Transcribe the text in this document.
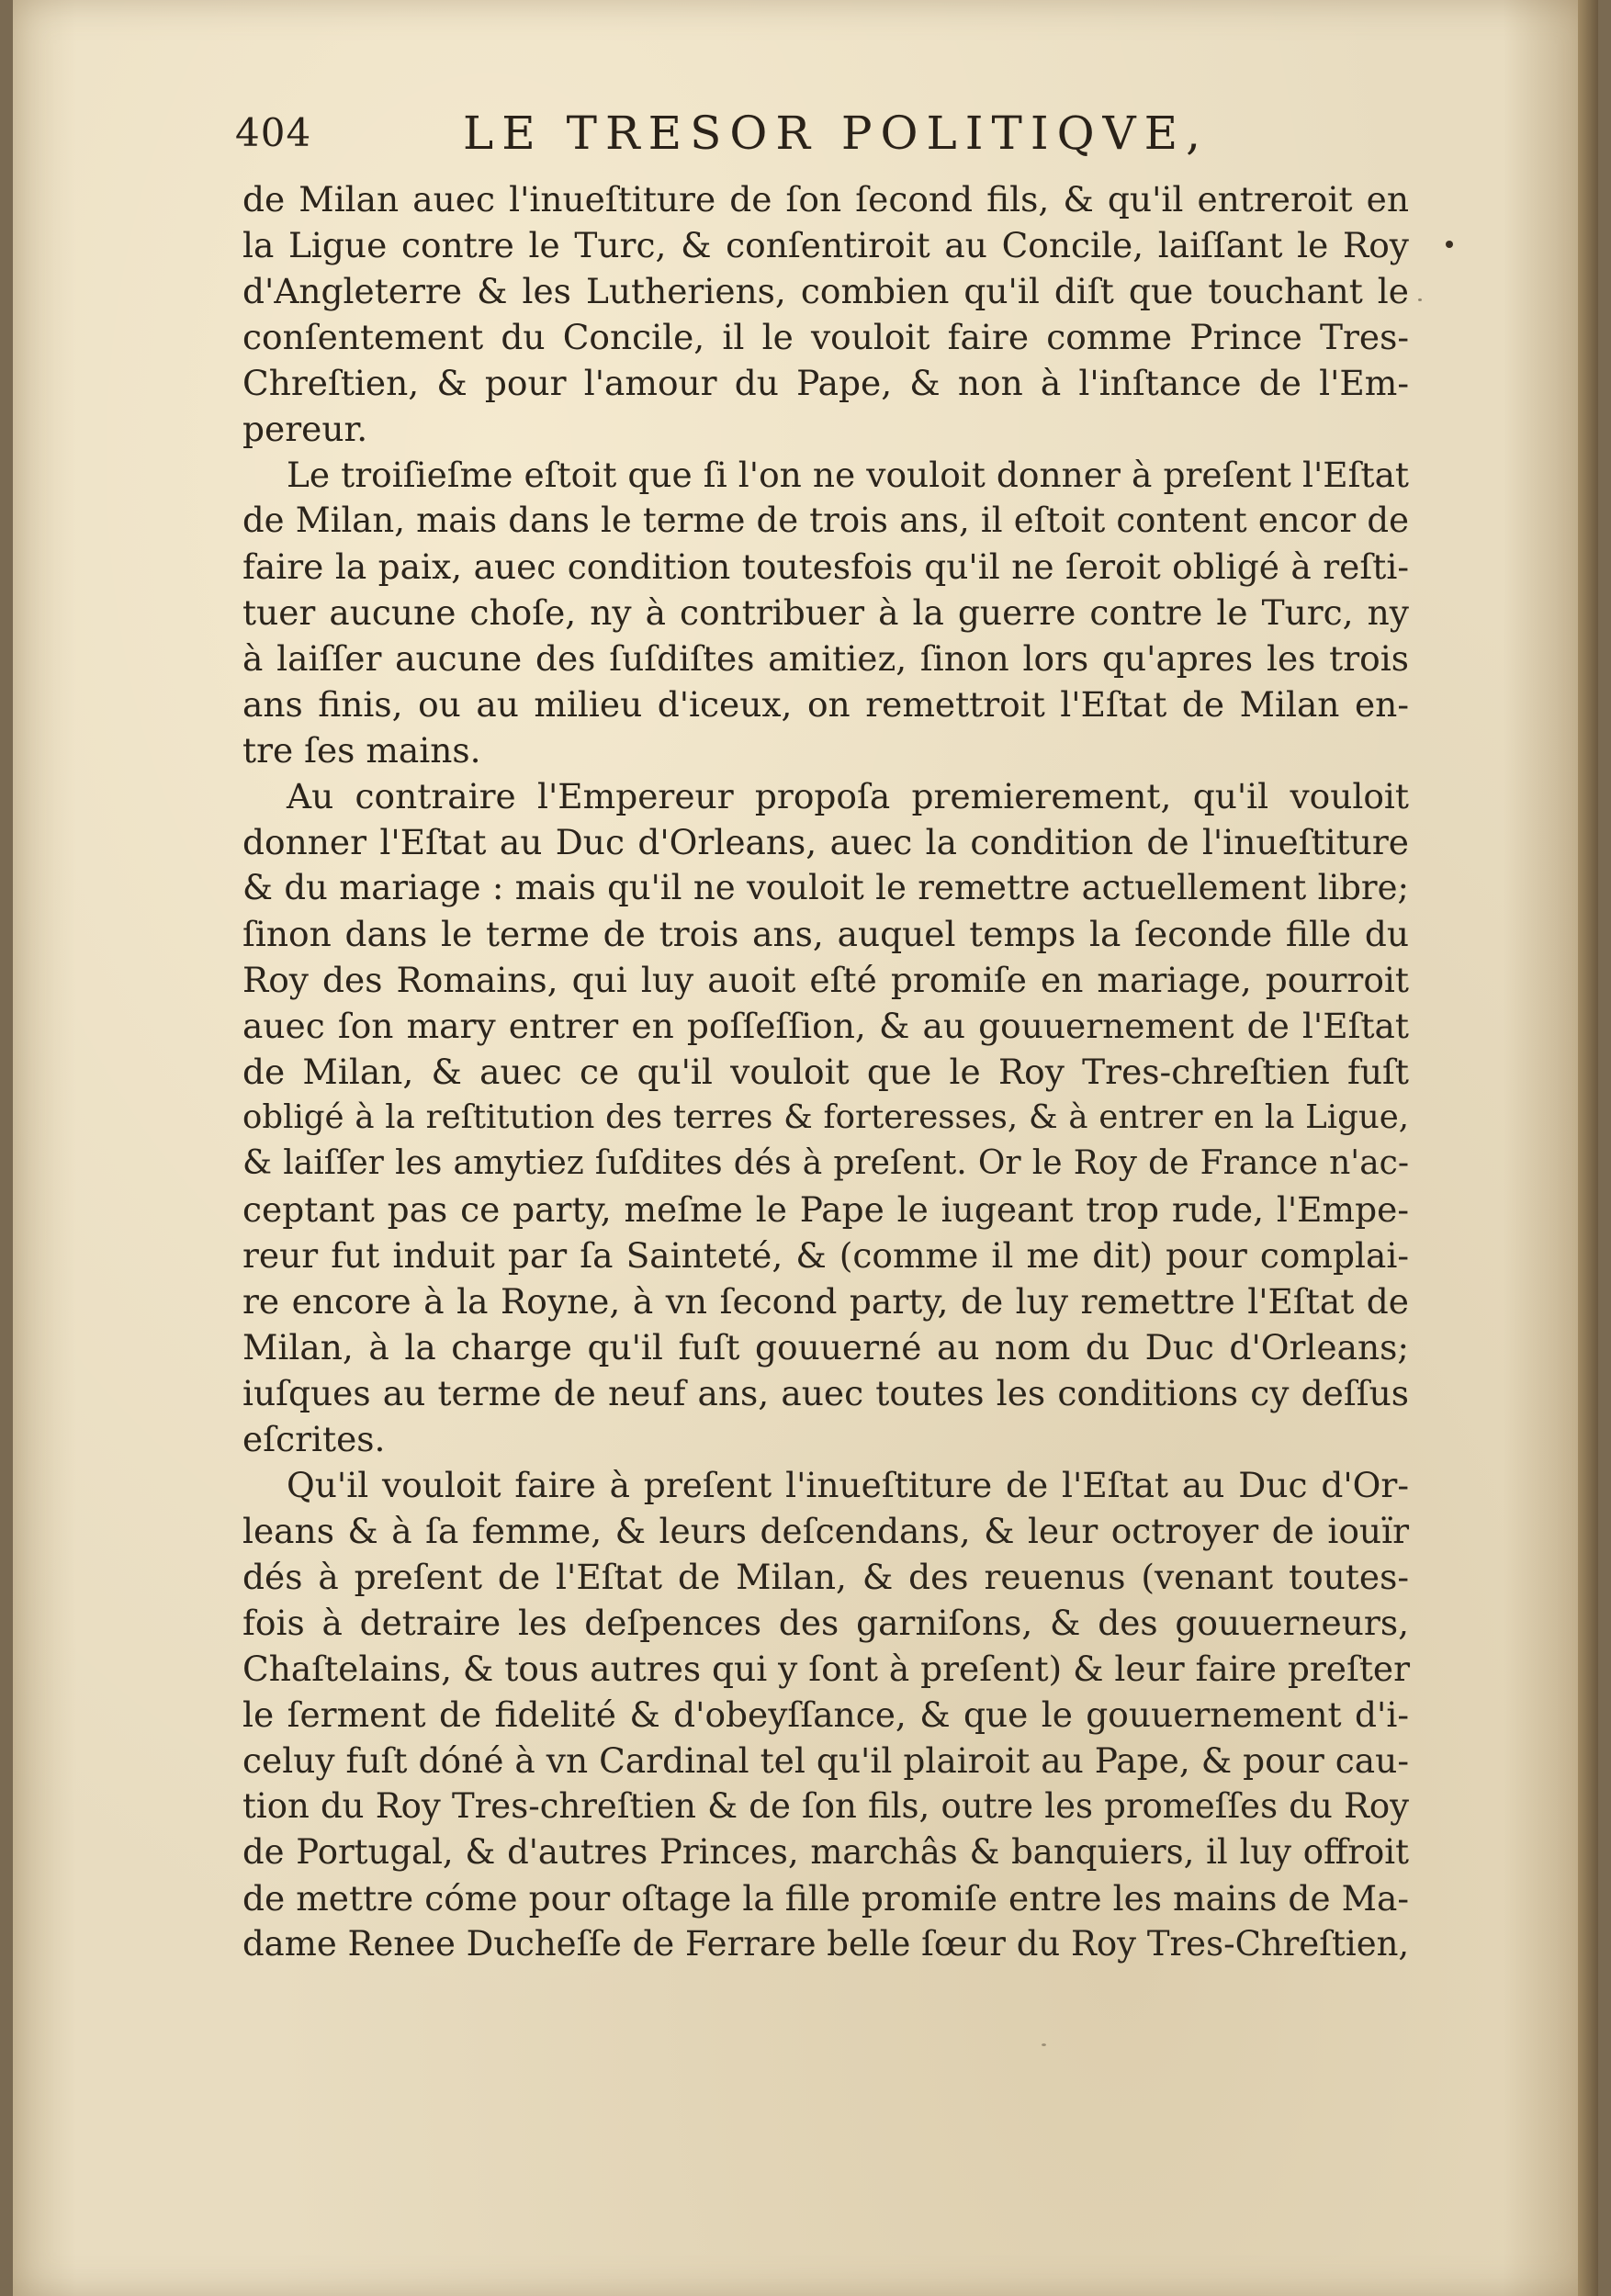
404	LE TRESOR POLITIQVE,
de Milan auec l'inueſtiture de ſon ſecond fils, & qu'il entreroit en
la Ligue contre le Turc, & conſentiroit au Concile, laiſſant le Roy
d'Angleterre & les Lutheriens, combien qu'il diſt que touchant le
conſentement du Concile, il le vouloit faire comme Prince Tres-
Chreſtien, & pour l'amour du Pape, & non à l'inſtance de l'Em-
pereur.
Le troiſieſme eſtoit que ſi l'on ne vouloit donner à preſent l'Eſtat
de Milan, mais dans le terme de trois ans, il eſtoit content encor de
faire la paix, auec condition toutesfois qu'il ne ſeroit obligé à reſti-
tuer aucune choſe, ny à contribuer à la guerre contre le Turc, ny
à laiſſer aucune des ſuſdiſtes amitiez, ſinon lors qu'apres les trois
ans finis, ou au milieu d'iceux, on remettroit l'Eſtat de Milan en-
tre ſes mains.
Au contraire l'Empereur propoſa premierement, qu'il vouloit
donner l'Eſtat au Duc d'Orleans, auec la condition de l'inueſtiture
& du mariage : mais qu'il ne vouloit le remettre actuellement libre;
ſinon dans le terme de trois ans, auquel temps la ſeconde fille du
Roy des Romains, qui luy auoit eſté promiſe en mariage, pourroit
auec ſon mary entrer en poſſeſſion, & au gouuernement de l'Eſtat
de Milan, & auec ce qu'il vouloit que le Roy Tres-chreſtien fuſt
obligé à la reſtitution des terres & forteresses, & à entrer en la Ligue,
& laiſſer les amytiez ſuſdites dés à preſent. Or le Roy de France n'ac-
ceptant pas ce party, meſme le Pape le iugeant trop rude, l'Empe-
reur fut induit par ſa Sainteté, & (comme il me dit) pour complai-
re encore à la Royne, à vn ſecond party, de luy remettre l'Eſtat de
Milan, à la charge qu'il fuſt gouuerné au nom du Duc d'Orleans;
iuſques au terme de neuf ans, auec toutes les conditions cy deſſus
eſcrites.
Qu'il vouloit faire à preſent l'inueſtiture de l'Eſtat au Duc d'Or-
leans & à ſa femme, & leurs deſcendans, & leur octroyer de iouïr
dés à preſent de l'Eſtat de Milan, & des reuenus (venant toutes-
fois à detraire les deſpences des garniſons, & des gouuerneurs,
Chaſtelains, & tous autres qui y ſont à preſent) & leur faire preſter
le ſerment de fidelité & d'obeyſſance, & que le gouuernement d'i-
celuy fuſt dóné à vn Cardinal tel qu'il plairoit au Pape, & pour cau-
tion du Roy Tres-chreſtien & de ſon fils, outre les promeſſes du Roy
de Portugal, & d'autres Princes, marchâs & banquiers, il luy offroit
de mettre cóme pour oſtage la fille promiſe entre les mains de Ma-
dame Renee Ducheſſe de Ferrare belle ſœur du Roy Tres-Chreſtien,
